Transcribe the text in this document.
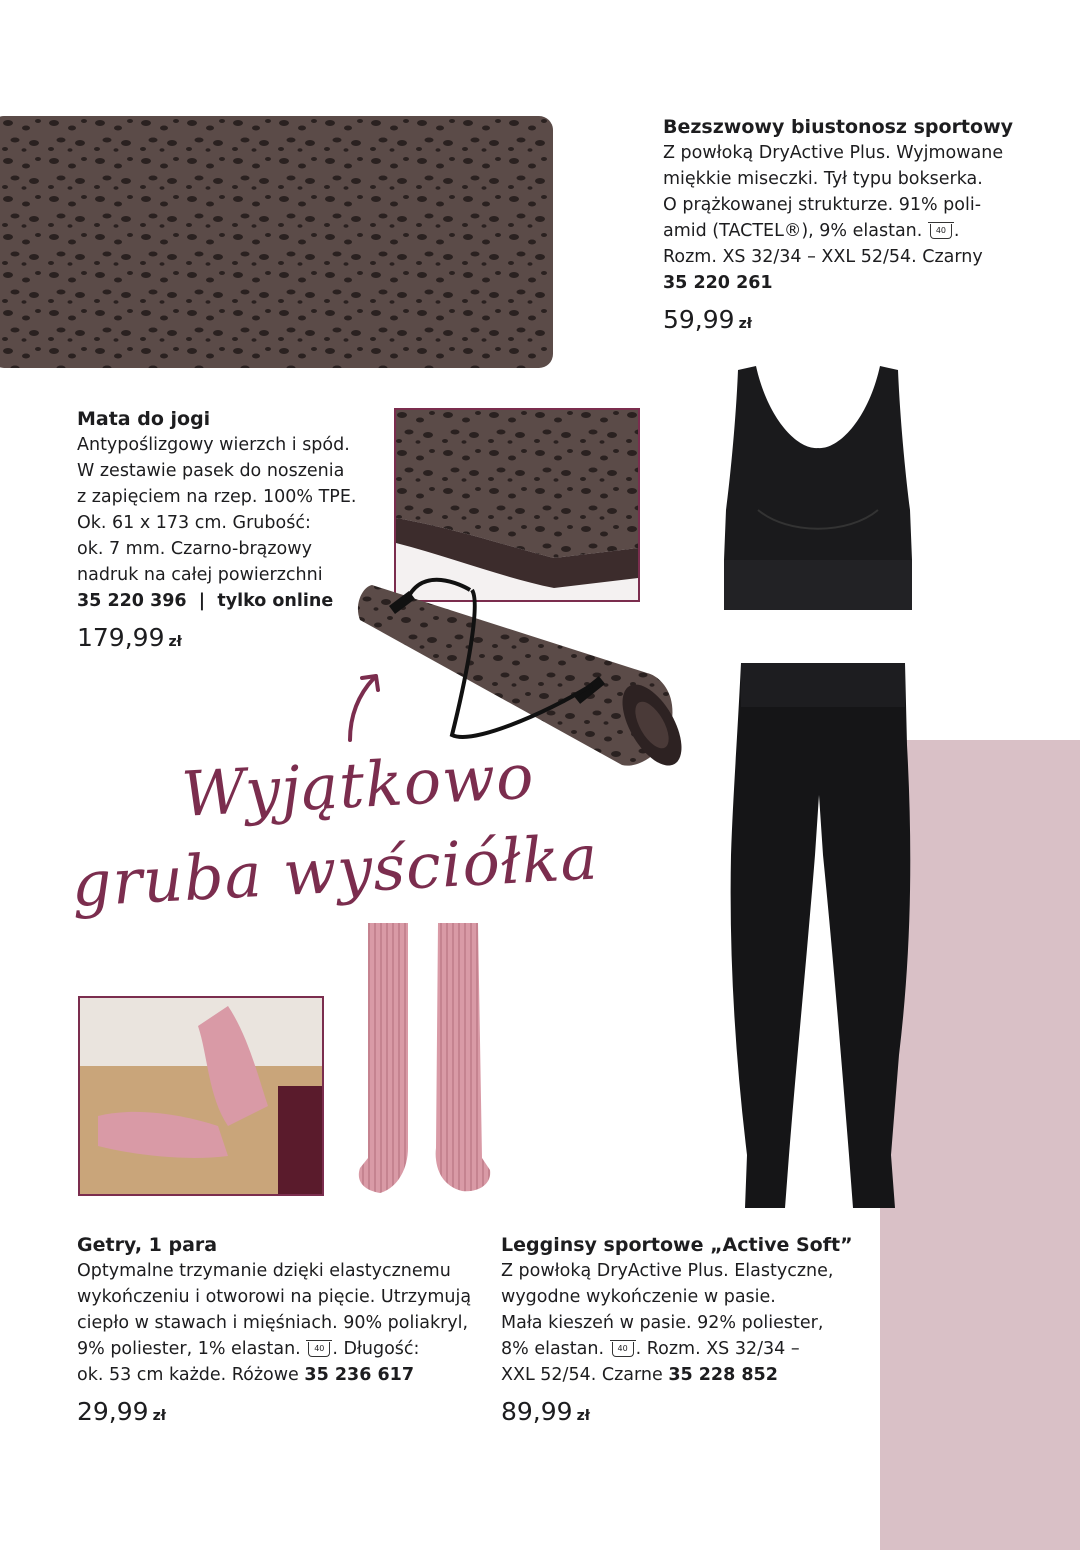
Wyjątkowo
gruba wyściółka
Bezszwowy biustonosz sportowy
Z powłoką DryActive Plus. Wyjmowane
miękkie miseczki. Tył typu bokserka.
O prążkowanej strukturze. 91% poli-
amid (TACTEL®), 9% elastan. 40 .
Rozm. XS 32/34 – XXL 52/54. Czarny
35 220 261
59,99 zł
Mata do jogi
Antypoślizgowy wierzch i spód.
W zestawie pasek do noszenia
z zapięciem na rzep. 100% TPE.
Ok. 61 x 173 cm. Grubość:
ok. 7 mm. Czarno-brązowy
nadruk na całej powierzchni
35 220 396  |  tylko online
179,99 zł
Getry, 1 para
Optymalne trzymanie dzięki elastycznemu
wykończeniu i otworowi na pięcie. Utrzymują
ciepło w stawach i mięśniach. 90% poliakryl,
9% poliester, 1% elastan. 40 . Długość:
ok. 53 cm każde. Różowe 35 236 617
29,99 zł
Legginsy sportowe „Active Soft”
Z powłoką DryActive Plus. Elastyczne,
wygodne wykończenie w pasie.
Mała kieszeń w pasie. 92% poliester,
8% elastan. 40 . Rozm. XS 32/34 –
XXL 52/54. Czarne 35 228 852
89,99 zł
